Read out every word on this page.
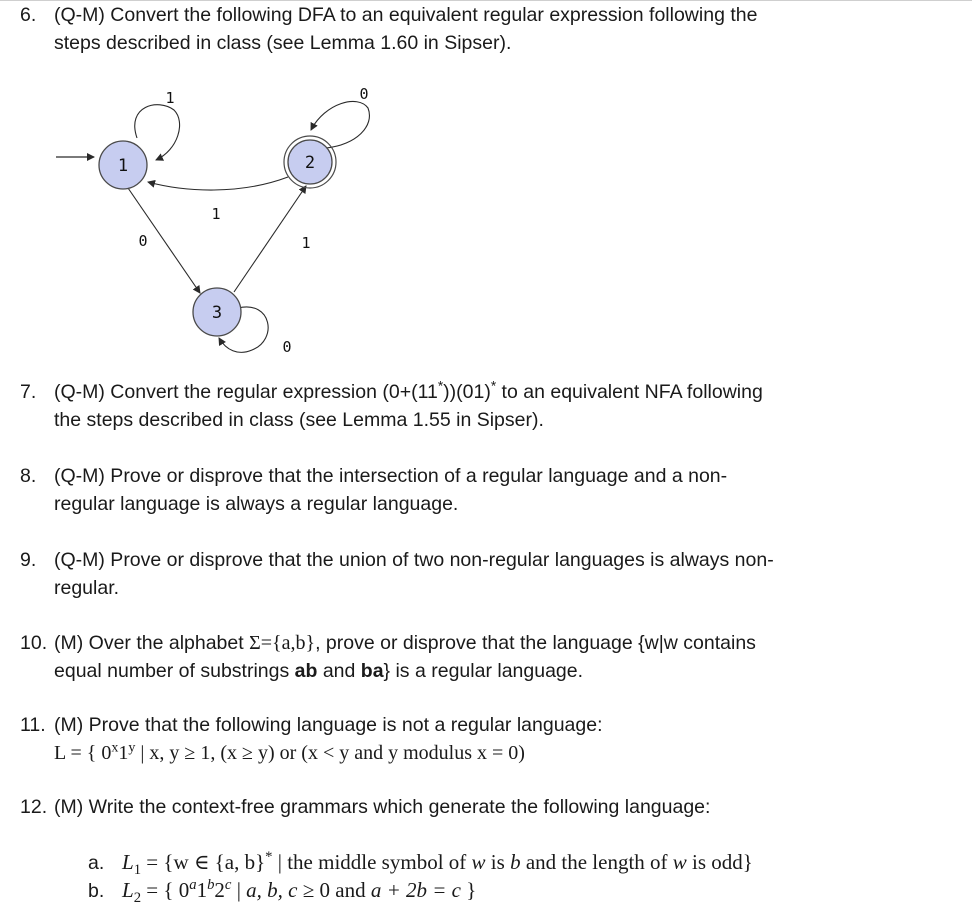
6. (Q-M) Convert the following DFA to an equivalent regular expression following the
steps described in class (see Lemma 1.60 in Sipser).
1	2
3
1	0
1
0	1
0
7. (Q-M) Convert the regular expression (0+(11*))(01)* to an equivalent NFA following
the steps described in class (see Lemma 1.55 in Sipser).
8. (Q-M) Prove or disprove that the intersection of a regular language and a non-
regular language is always a regular language.
9. (Q-M) Prove or disprove that the union of two non-regular languages is always non-
regular.
10. (M) Over the alphabet Σ={a,b}, prove or disprove that the language {w|w contains
equal number of substrings ab and ba} is a regular language.
11. (M) Prove that the following language is not a regular language:
L = { 0$^x$1$^y$ | x, y ≥ 1, (x ≥ y) or (x < y and y modulus x = 0)
12. (M) Write the context-free grammars which generate the following language:
a. $L_1 = \{w$ ∈ {a, b}* | the middle symbol of w is b and the length of w is odd}
b. $L_2$ = { 0$^a$1$^b$2$^c$ | a, b, c ≥ 0 and a + 2b = c }
